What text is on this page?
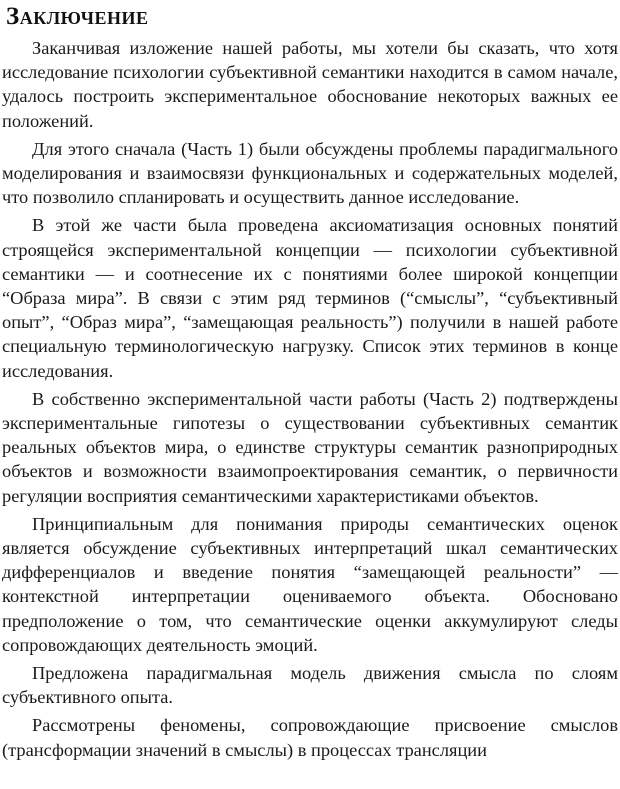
Заключение

Заканчивая изложение нашей работы, мы хотели бы сказать, что хотя исследование психологии субъективной семантики находится в самом начале, удалось построить экспериментальное обоснование некоторых важных ее положений.

Для этого сначала (Часть 1) были обсуждены проблемы парадигмального моделирования и взаимосвязи функциональных и содержательных моделей, что позволило спланировать и осуществить данное исследование.

В этой же части была проведена аксиоматизация основных понятий строящейся экспериментальной концепции — психологии субъективной семантики — и соотнесение их с понятиями более широкой концепции “Образа мира”. В связи с этим ряд терминов (“смыслы”, “субъективный опыт”, “Образ мира”, “замещающая реальность”) получили в нашей работе специальную терминологическую нагрузку. Список этих терминов в конце исследования.

В собственно экспериментальной части работы (Часть 2) подтверждены экспериментальные гипотезы о существовании субъективных семантик реальных объектов мира, о единстве структуры семантик разноприродных объектов и возможности взаимопроектирования семантик, о первичности регуляции восприятия семантическими характеристиками объектов.

Принципиальным для понимания природы семантических оценок является обсуждение субъективных интерпретаций шкал семантических дифференциалов и введение понятия “замещающей реальности” — контекстной интерпретации оцениваемого объекта. Обосновано предположение о том, что семантические оценки аккумулируют следы сопровождающих деятельность эмоций.

Предложена парадигмальная модель движения смысла по слоям субъективного опыта.

Рассмотрены феномены, сопровождающие присвоение смыслов (трансформации значений в смыслы) в процессах трансляции
